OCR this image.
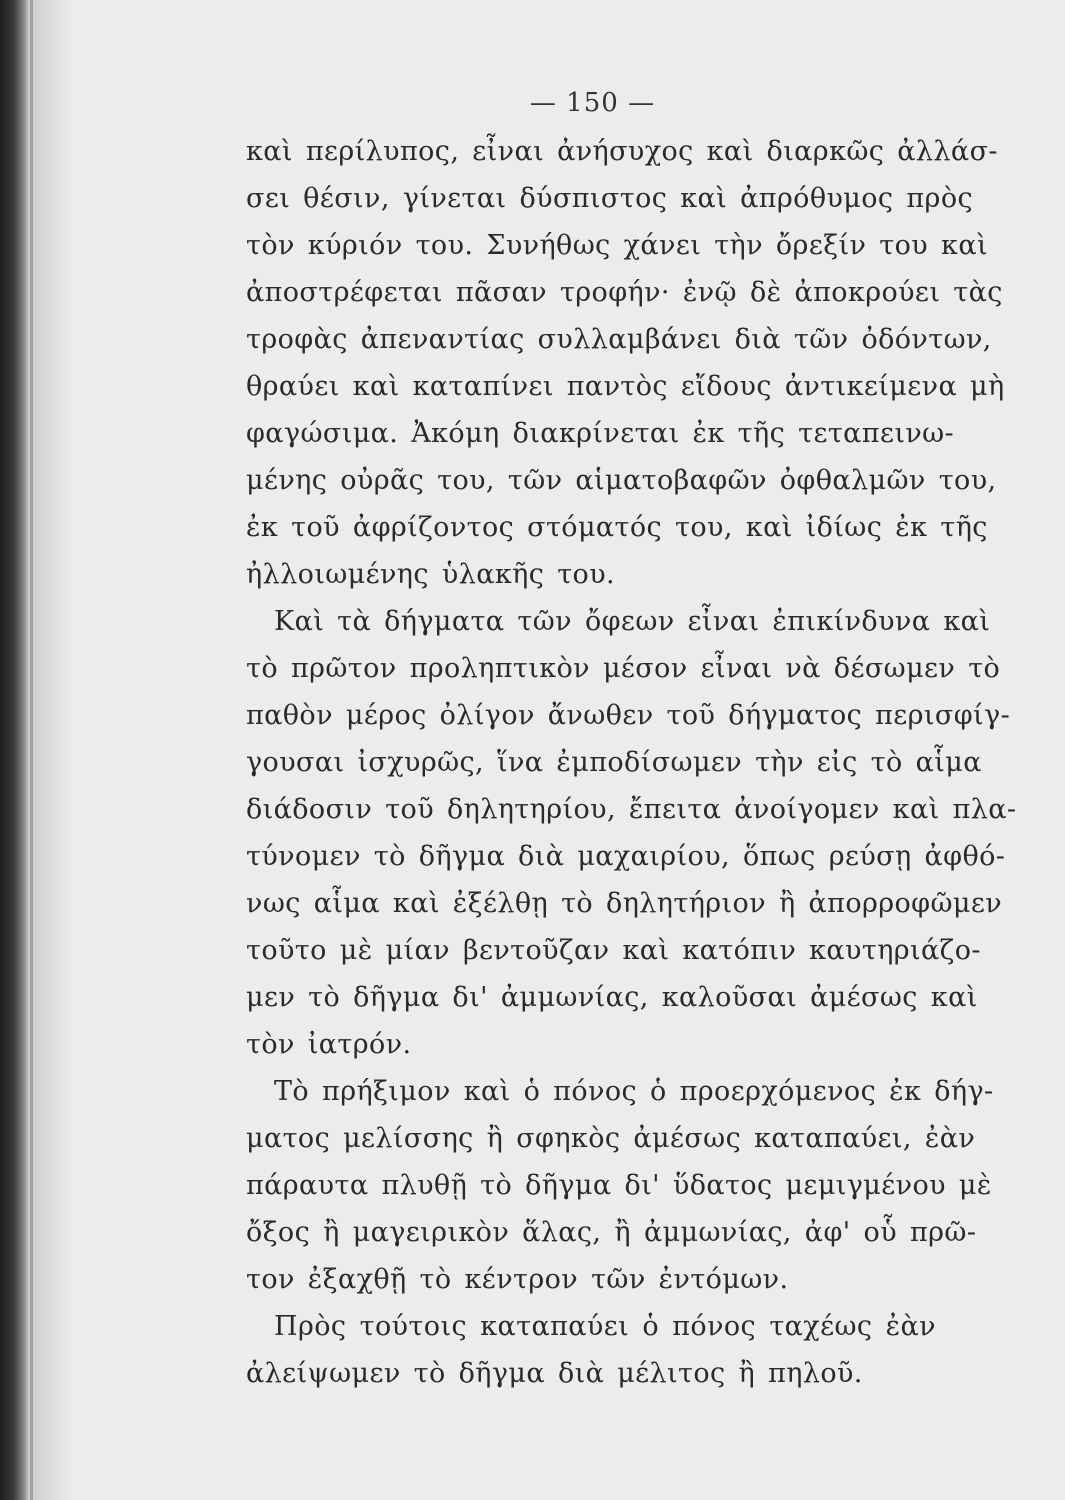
— 150 —
καὶ περίλυπος, εἶναι ἀνήσυχος καὶ διαρκῶς ἀλλάσ-
σει θέσιν, γίνεται δύσπιστος καὶ ἀπρόθυμος πρὸς
τὸν κύριόν του. Συνήθως χάνει τὴν ὄρεξίν του καὶ
ἀποστρέφεται πᾶσαν τροφήν· ἐνῷ δὲ ἀποκρούει τὰς
τροφὰς ἀπεναντίας συλλαμβάνει διὰ τῶν ὀδόντων,
θραύει καὶ καταπίνει παντὸς εἴδους ἀντικείμενα μὴ
φαγώσιμα. Ἀκόμη διακρίνεται ἐκ τῆς τεταπεινω-
μένης οὐρᾶς του, τῶν αἱματοβαφῶν ὀφθαλμῶν του,
ἐκ τοῦ ἀφρίζοντος στόματός του, καὶ ἰδίως ἐκ τῆς
ἠλλοιωμένης ὑλακῆς του.
Καὶ τὰ δήγματα τῶν ὄφεων εἶναι ἐπικίνδυνα καὶ
τὸ πρῶτον προληπτικὸν μέσον εἶναι νὰ δέσωμεν τὸ
παθὸν μέρος ὀλίγον ἄνωθεν τοῦ δήγματος περισφίγ-
γουσαι ἰσχυρῶς, ἵνα ἐμποδίσωμεν τὴν εἰς τὸ αἷμα
διάδοσιν τοῦ δηλητηρίου, ἔπειτα ἀνοίγομεν καὶ πλα-
τύνομεν τὸ δῆγμα διὰ μαχαιρίου, ὅπως ρεύσῃ ἀφθό-
νως αἷμα καὶ ἐξέλθῃ τὸ δηλητήριον ἢ ἀπορροφῶμεν
τοῦτο μὲ μίαν βεντοῦζαν καὶ κατόπιν καυτηριάζο-
μεν τὸ δῆγμα δι' ἀμμωνίας, καλοῦσαι ἀμέσως καὶ
τὸν ἰατρόν.
Τὸ πρήξιμον καὶ ὁ πόνος ὁ προερχόμενος ἐκ δήγ-
ματος μελίσσης ἢ σφηκὸς ἀμέσως καταπαύει, ἐὰν
πάραυτα πλυθῇ τὸ δῆγμα δι' ὕδατος μεμιγμένου μὲ
ὄξος ἢ μαγειρικὸν ἅλας, ἢ ἀμμωνίας, ἀφ' οὗ πρῶ-
τον ἐξαχθῇ τὸ κέντρον τῶν ἐντόμων.
Πρὸς τούτοις καταπαύει ὁ πόνος ταχέως ἐὰν
ἀλείψωμεν τὸ δῆγμα διὰ μέλιτος ἢ πηλοῦ.
